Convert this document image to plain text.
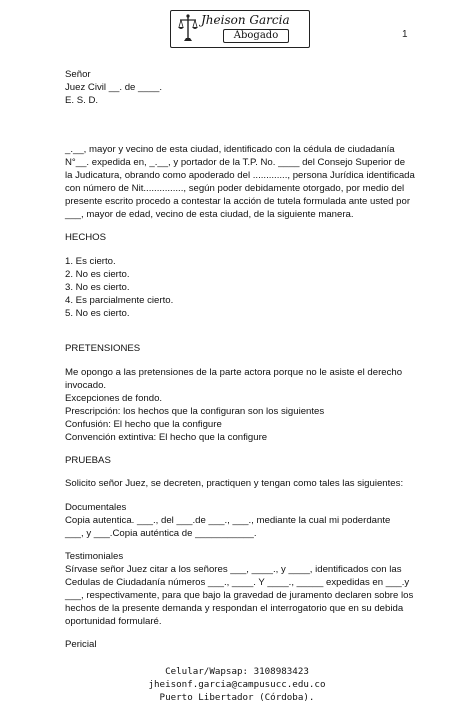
Jheison Garcia
Abogado	1
Señor
Juez Civil __. de ____.
E. S. D.
_.__, mayor y vecino de esta ciudad, identificado con la cédula de ciudadanía
N°__. expedida en, _.__, y portador de la T.P. No. ____ del Consejo Superior de
la Judicatura, obrando como apoderado del ............., persona Jurídica identificada
con número de Nit..............., según poder debidamente otorgado, por medio del
presente escrito procedo a contestar la acción de tutela formulada ante usted por
___, mayor de edad, vecino de esta ciudad, de la siguiente manera.
HECHOS
1. Es cierto.
2. No es cierto.
3. No es cierto.
4. Es parcialmente cierto.
5. No es cierto.
PRETENSIONES
Me opongo a las pretensiones de la parte actora porque no le asiste el derecho
invocado.
Excepciones de fondo.
Prescripción: los hechos que la configuran son los siguientes
Confusión: El hecho que la configure
Convención extintiva: El hecho que la configure
PRUEBAS
Solicito señor Juez, se decreten, practiquen y tengan como tales las siguientes:
Documentales
Copia autentica. ___., del ___.de ___., ___., mediante la cual mi poderdante
___, y ___.Copia auténtica de ___________.
Testimoniales
Sírvase señor Juez citar a los señores ___, ____., y ____, identificados con las
Cedulas de Ciudadanía números ___., ____. Y ____., _____ expedidas en ___.y
___, respectivamente, para que bajo la gravedad de juramento declaren sobre los
hechos de la presente demanda y respondan el interrogatorio que en su debida
oportunidad formularé.
Pericial
Celular/Wapsap: 3108983423
jheisonf.garcia@campusucc.edu.co
Puerto Libertador (Córdoba).
